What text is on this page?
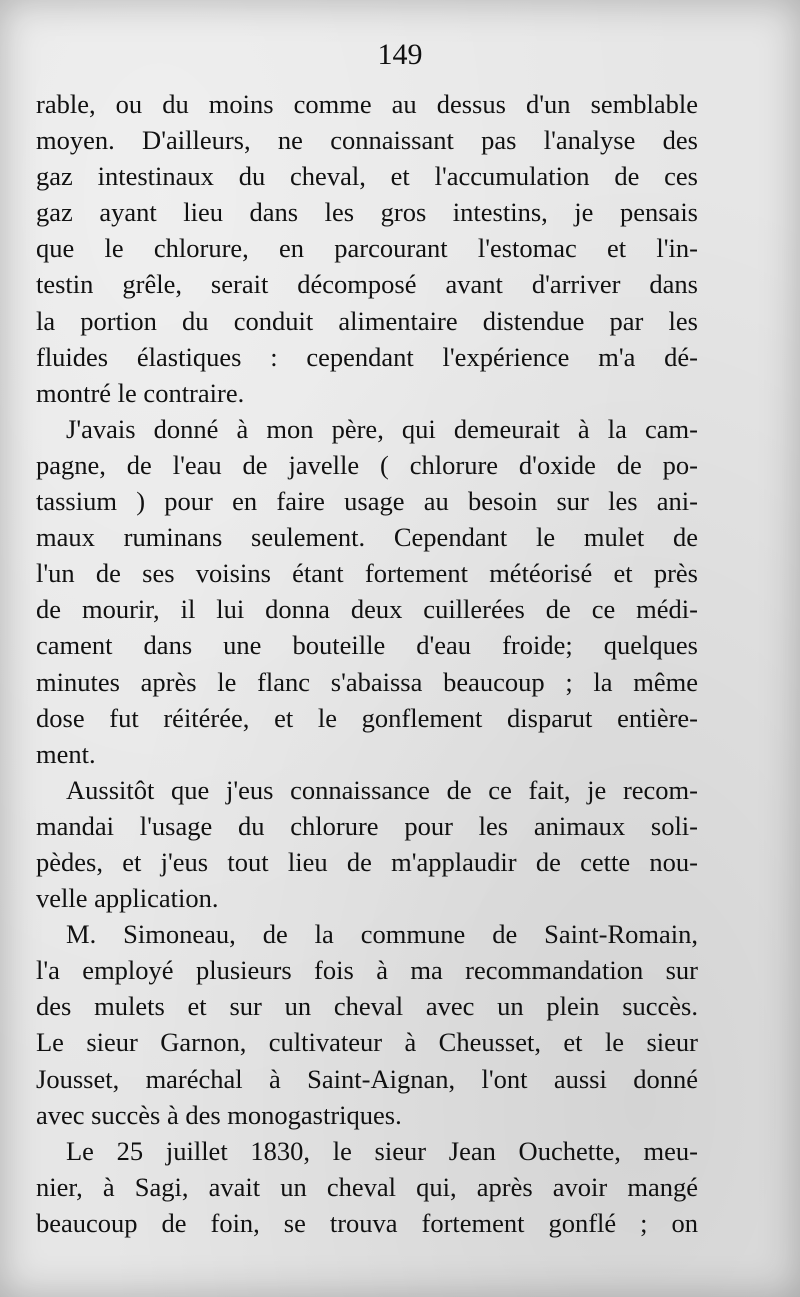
149
rable, ou du moins comme au dessus d'un semblable
moyen. D'ailleurs, ne connaissant pas l'analyse des
gaz intestinaux du cheval, et l'accumulation de ces
gaz ayant lieu dans les gros intestins, je pensais
que le chlorure, en parcourant l'estomac et l'in-
testin grêle, serait décomposé avant d'arriver dans
la portion du conduit alimentaire distendue par les
fluides élastiques : cependant l'expérience m'a dé-
montré le contraire.
J'avais donné à mon père, qui demeurait à la cam-
pagne, de l'eau de javelle ( chlorure d'oxide de po-
tassium ) pour en faire usage au besoin sur les ani-
maux ruminans seulement. Cependant le mulet de
l'un de ses voisins étant fortement météorisé et près
de mourir, il lui donna deux cuillerées de ce médi-
cament dans une bouteille d'eau froide; quelques
minutes après le flanc s'abaissa beaucoup ; la même
dose fut réitérée, et le gonflement disparut entière-
ment.
Aussitôt que j'eus connaissance de ce fait, je recom-
mandai l'usage du chlorure pour les animaux soli-
pèdes, et j'eus tout lieu de m'applaudir de cette nou-
velle application.
M. Simoneau, de la commune de Saint-Romain,
l'a employé plusieurs fois à ma recommandation sur
des mulets et sur un cheval avec un plein succès.
Le sieur Garnon, cultivateur à Cheusset, et le sieur
Jousset, maréchal à Saint-Aignan, l'ont aussi donné
avec succès à des monogastriques.
Le 25 juillet 1830, le sieur Jean Ouchette, meu-
nier, à Sagi, avait un cheval qui, après avoir mangé
beaucoup de foin, se trouva fortement gonflé ; on
